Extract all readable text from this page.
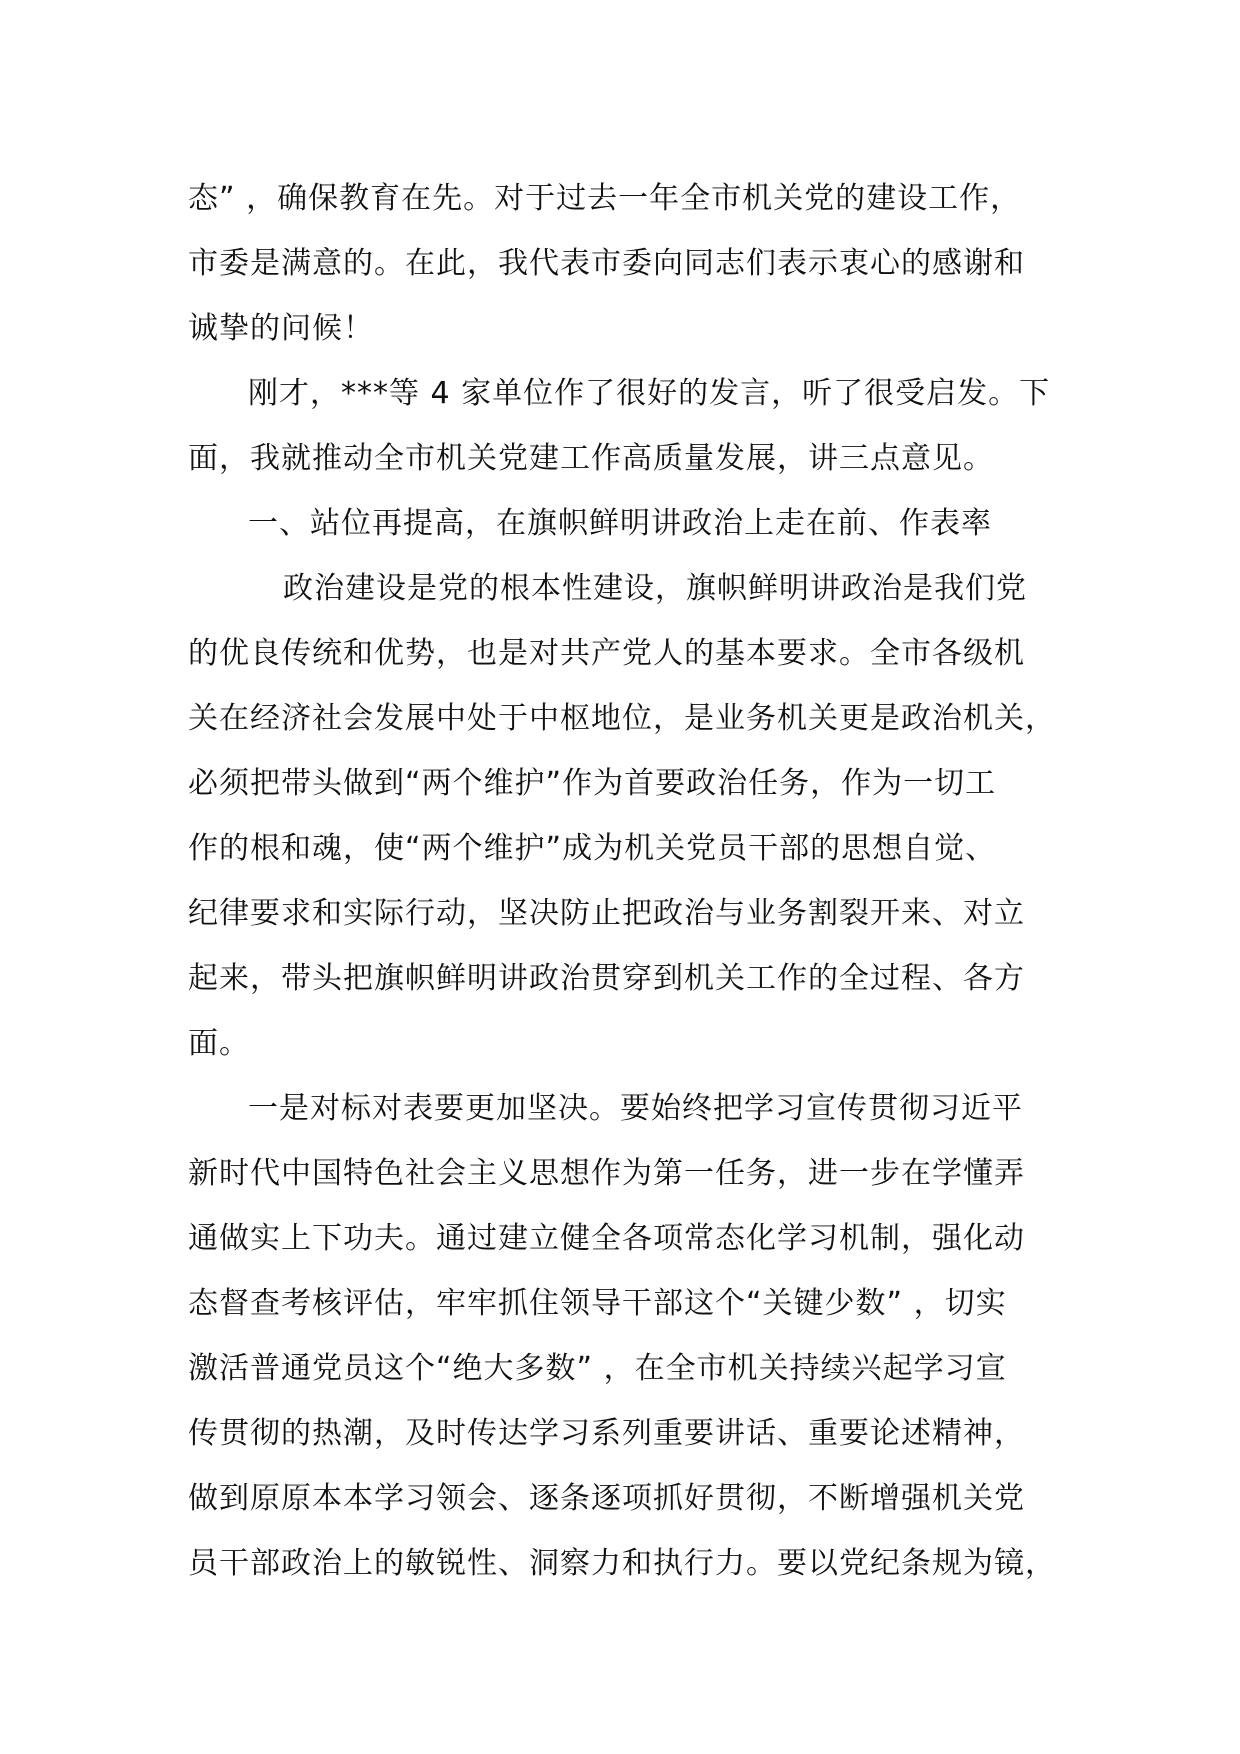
态” ，确保教育在先。对于过去一年全市机关党的建设工作，
市委是满意的。在此，我代表市委向同志们表示衷心的感谢和
诚挚的问候！
刚才，***等 4 家单位作了很好的发言，听了很受启发。下
面，我就推动全市机关党建工作高质量发展，讲三点意见。
一、站位再提高，在旗帜鲜明讲政治上走在前、作表率
政治建设是党的根本性建设，旗帜鲜明讲政治是我们党
的优良传统和优势，也是对共产党人的基本要求。全市各级机
关在经济社会发展中处于中枢地位，是业务机关更是政治机关，
必须把带头做到“两个维护”作为首要政治任务，作为一切工
作的根和魂，使“两个维护”成为机关党员干部的思想自觉、
纪律要求和实际行动，坚决防止把政治与业务割裂开来、对立
起来，带头把旗帜鲜明讲政治贯穿到机关工作的全过程、各方
面。
一是对标对表要更加坚决。要始终把学习宣传贯彻习近平
新时代中国特色社会主义思想作为第一任务，进一步在学懂弄
通做实上下功夫。通过建立健全各项常态化学习机制，强化动
态督查考核评估，牢牢抓住领导干部这个“关键少数” ，切实
激活普通党员这个“绝大多数” ，在全市机关持续兴起学习宣
传贯彻的热潮，及时传达学习系列重要讲话、重要论述精神，
做到原原本本学习领会、逐条逐项抓好贯彻，不断增强机关党
员干部政治上的敏锐性、洞察力和执行力。要以党纪条规为镜，
